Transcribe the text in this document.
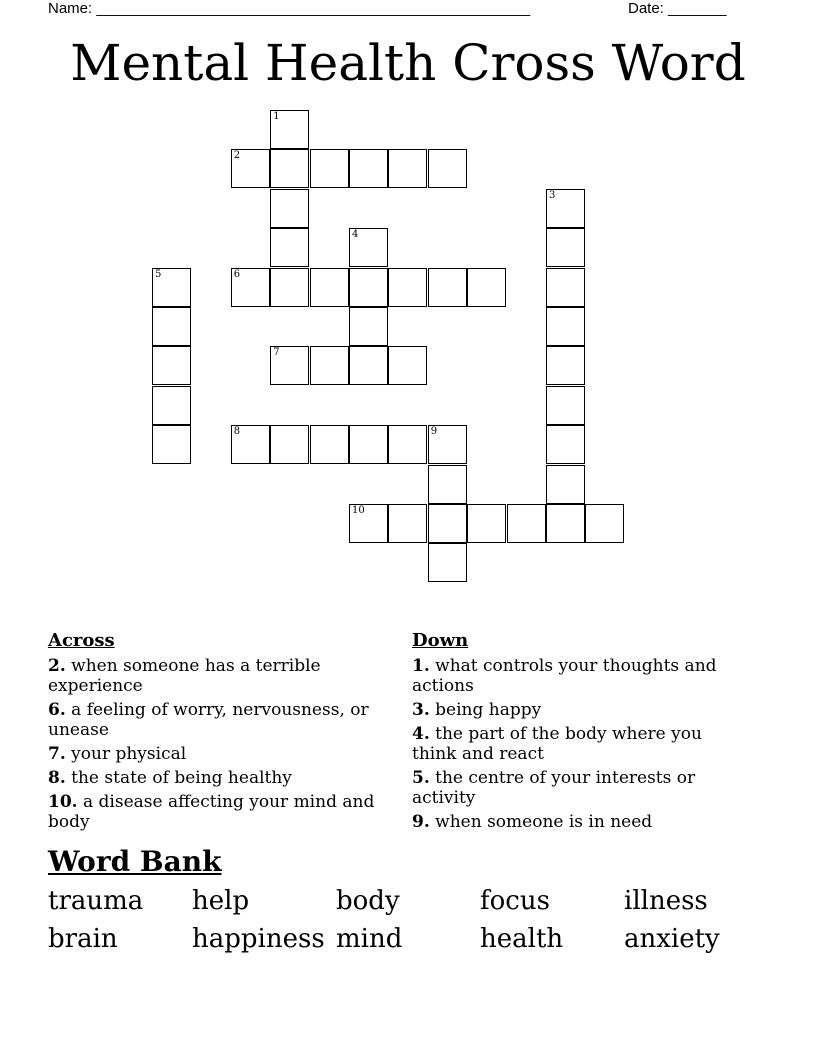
Name: ____________________________________________________	Date: _______
Mental Health Cross Word
1
2
3
4
5	6
7
8	9
10
Across
2. when someone has a terrible experience
6. a feeling of worry, nervousness, or unease
7. your physical
8. the state of being healthy
10. a disease affecting your mind and body
Down
1. what controls your thoughts and actions
3. being happy
4. the part of the body where you think and react
5. the centre of your interests or activity
9. when someone is in need
Word Bank
trauma help	body	focus	illness
brain	happiness mind	health anxiety
